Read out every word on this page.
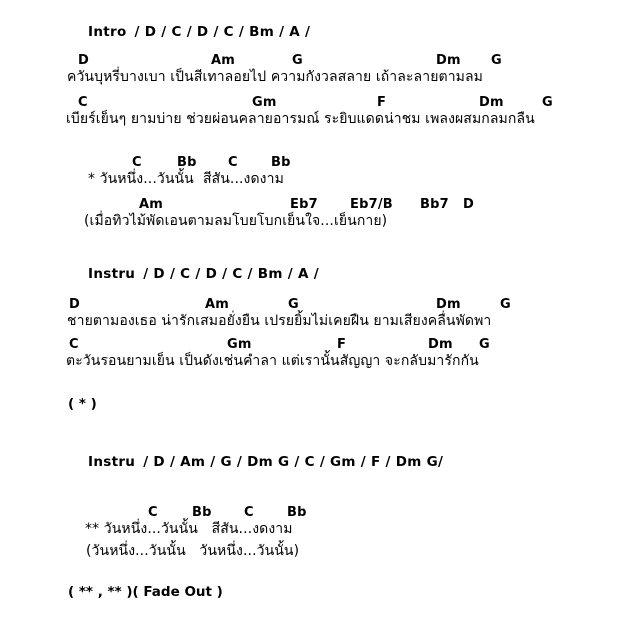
Intro / D / C / D / C / Bm / A /

D

	Am

	G

	Dm

G

ควันบุหรี่บางเบา เป็นสีเทาลอยไป ความกังวลสลาย เถ้าละลายตามลม

C

	Gm

	F

	Dm

	G

เบียร์เย็นๆ ยามบ่าย ช่วยผ่อนคลายอารมณ์ ระยิบแดดน่าชม เพลงผสมกลมกลืน

C

	Bb

C

	Bb

* วันหนึ่ง...วันนั้น  สีสัน...งดงาม

Am

	Eb7

Eb7/B

Bb7

D

(เมื่อทิวไม้พัดเอนตามลมโบยโบกเย็นใจ...เย็นกาย)

Instru / D / C / D / C / Bm / A /

D

	Am

	G

	Dm

	G

ชายตามองเธอ น่ารักเสมอยั่งยืน เปรยยิ้มไม่เคยฝืน ยามเสียงคลื่นพัดพา

C

	Gm

	F

	Dm

G

ตะวันรอนยามเย็น เป็นดังเช่นคำลา แต่เรานั้นสัญญา จะกลับมารักกัน
( * )

Instru / D / Am / G / Dm G / C / Gm / F / Dm G/

C

	Bb

C

	Bb

** วันหนึ่ง...วันนั้น   สีสัน...งดงาม
(วันหนึ่ง...วันนั้น   วันหนึ่ง...วันนั้น)
( ** , ** )( Fade Out )
